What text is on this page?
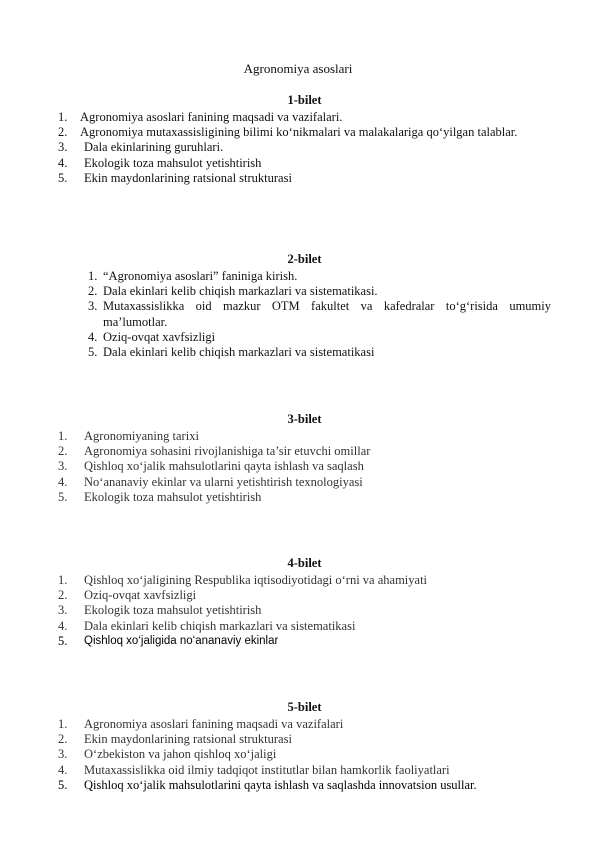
Agronomiya asoslari
1-bilet
1.	Agronomiya asoslari fanining maqsadi va vazifalari.
2.	Agronomiya mutaxassisligining bilimi ko‘nikmalari va malakalariga qo‘yilgan talablar.
3.	Dala ekinlarining guruhlari.
4.	Ekologik toza mahsulot yetishtirish
5.	Ekin maydonlarining ratsional strukturasi
2-bilet
1. “Agronomiya asoslari” faniniga kirish.
2. Dala ekinlari kelib chiqish markazlari va sistematikasi.
3. Mutaxassislikka oid mazkur OTM fakultet va kafedralar to‘g‘risida umumiy ma’lumotlar.
4. Oziq-ovqat xavfsizligi
5. Dala ekinlari kelib chiqish markazlari va sistematikasi
3-bilet
1.	Agronomiyaning tarixi
2.	Agronomiya sohasini rivojlanishiga ta’sir etuvchi omillar
3.	Qishloq xo‘jalik mahsulotlarini qayta ishlash va saqlash
4.	No‘ananaviy ekinlar va ularni yetishtirish texnologiyasi
5.	Ekologik toza mahsulot yetishtirish
4-bilet
1.	Qishloq xo‘jaligining Respublika iqtisodiyotidagi o‘rni va ahamiyati
2.	Oziq-ovqat xavfsizligi
3.	Ekologik toza mahsulot yetishtirish
4.	Dala ekinlari kelib chiqish markazlari va sistematikasi
5.	Qishloq xo‘jaligida no‘ananaviy ekinlar
5-bilet
1.	Agronomiya asoslari fanining maqsadi va vazifalari
2.	Ekin maydonlarining ratsional strukturasi
3.	O‘zbekiston va jahon qishloq xo‘jaligi
4.	Mutaxassislikka oid ilmiy tadqiqot institutlar bilan hamkorlik faoliyatlari
5.	Qishloq xo‘jalik mahsulotlarini qayta ishlash va saqlashda innovatsion usullar.
